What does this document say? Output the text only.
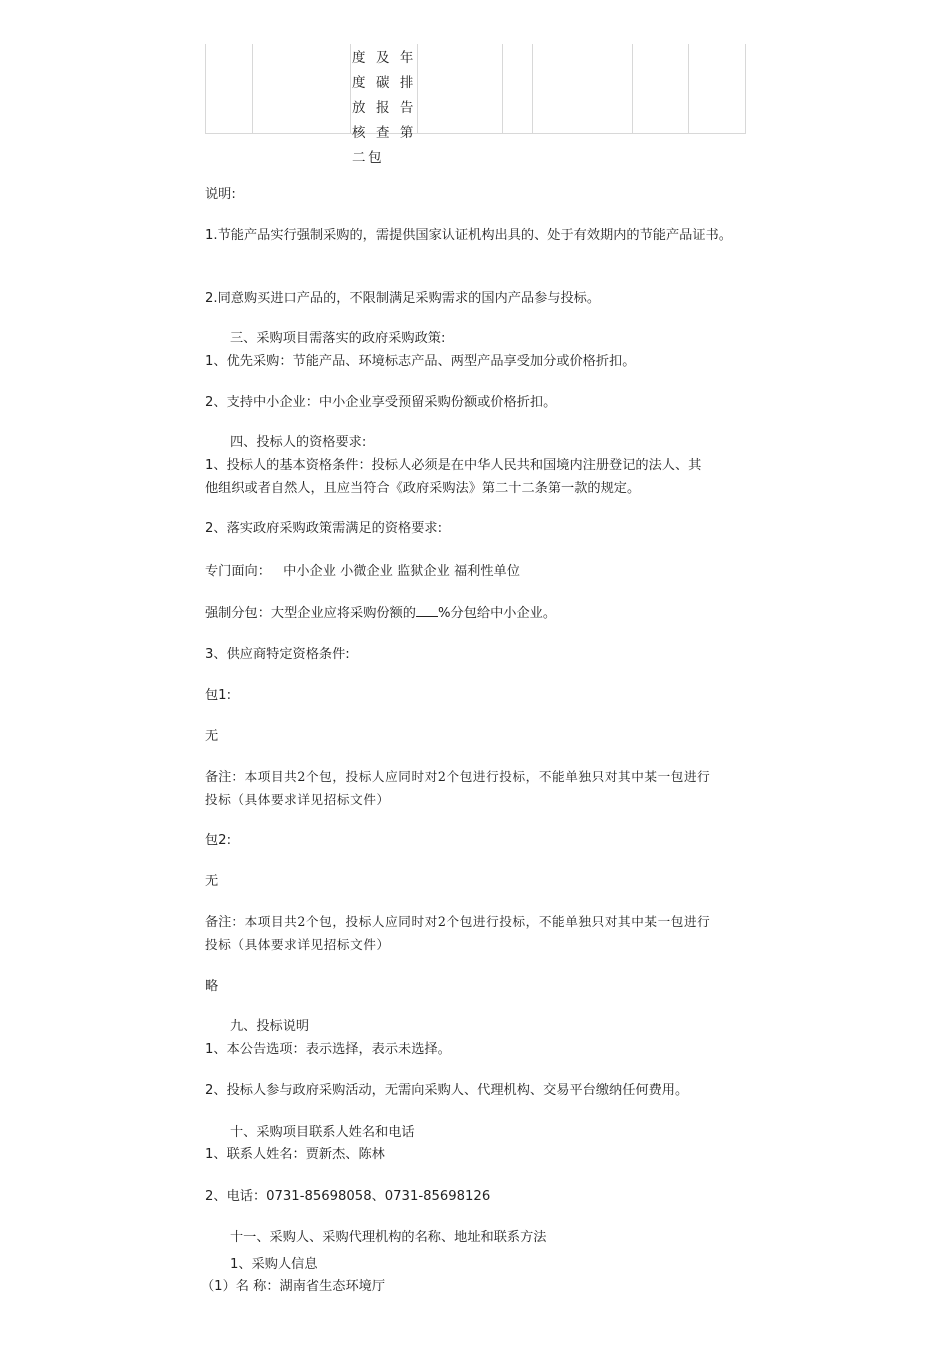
度及年度碳排放报告核查第二包
说明:
1.节能产品实行强制采购的，需提供国家认证机构出具的、处于有效期内的节能产品证书。
2.同意购买进口产品的，不限制满足采购需求的国内产品参与投标。
三、采购项目需落实的政府采购政策:
1、优先采购：节能产品、环境标志产品、两型产品享受加分或价格折扣。
2、支持中小企业：中小企业享受预留采购份额或价格折扣。
四、投标人的资格要求:
1、投标人的基本资格条件：投标人必须是在中华人民共和国境内注册登记的法人、其
他组织或者自然人，且应当符合《政府采购法》第二十二条第一款的规定。
2、落实政府采购政策需满足的资格要求:
专门面向： 中小企业 小微企业 监狱企业 福利性单位
强制分包：大型企业应将采购份额的 %分包给中小企业。
3、供应商特定资格条件:
包1:
无
备注：本项目共2个包，投标人应同时对2个包进行投标，不能单独只对其中某一包进行
投标（具体要求详见招标文件）
包2:
无
备注：本项目共2个包，投标人应同时对2个包进行投标，不能单独只对其中某一包进行
投标（具体要求详见招标文件）
略
九、投标说明
1、本公告选项：表示选择，表示未选择。
2、投标人参与政府采购活动，无需向采购人、代理机构、交易平台缴纳任何费用。
十、采购项目联系人姓名和电话
1、联系人姓名：贾新杰、陈林
2、电话：0731-85698058、0731-85698126
十一、采购人、采购代理机构的名称、地址和联系方法
1、采购人信息
（1）名 称：湖南省生态环境厅
